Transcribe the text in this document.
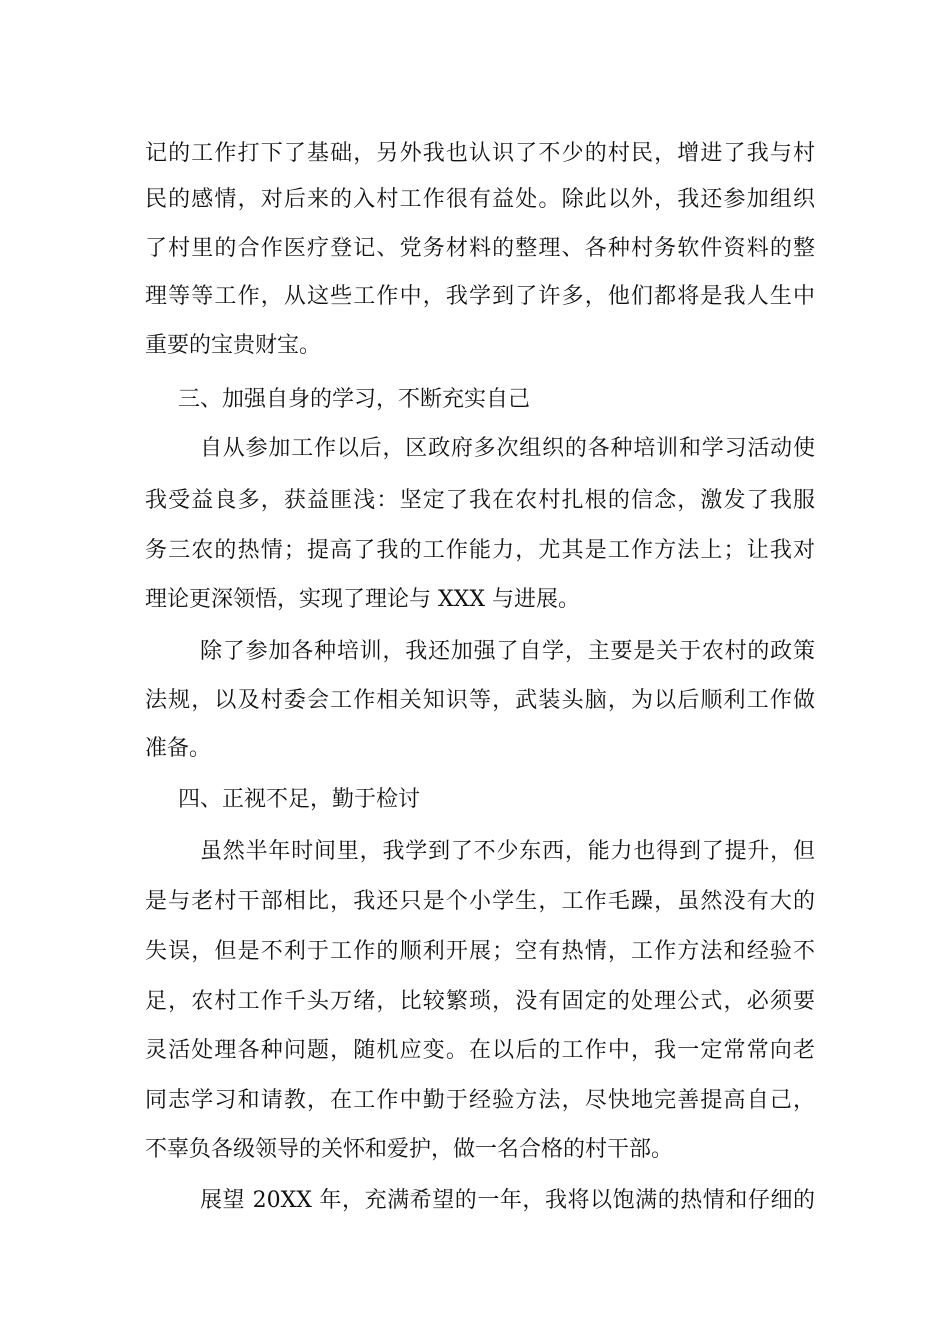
记的工作打下了基础，另外我也认识了不少的村民，增进了我与村
民的感情，对后来的入村工作很有益处。除此以外，我还参加组织
了村里的合作医疗登记、党务材料的整理、各种村务软件资料的整
理等等工作，从这些工作中，我学到了许多，他们都将是我人生中
重要的宝贵财宝。
三、加强自身的学习，不断充实自己
自从参加工作以后，区政府多次组织的各种培训和学习活动使
我受益良多，获益匪浅：坚定了我在农村扎根的信念，激发了我服
务三农的热情；提高了我的工作能力，尤其是工作方法上；让我对
理论更深领悟，实现了理论与 XXX 与进展。
除了参加各种培训，我还加强了自学，主要是关于农村的政策
法规，以及村委会工作相关知识等，武装头脑，为以后顺利工作做
准备。
四、正视不足，勤于检讨
虽然半年时间里，我学到了不少东西，能力也得到了提升，但
是与老村干部相比，我还只是个小学生，工作毛躁，虽然没有大的
失误，但是不利于工作的顺利开展；空有热情，工作方法和经验不
足，农村工作千头万绪，比较繁琐，没有固定的处理公式，必须要
灵活处理各种问题，随机应变。在以后的工作中，我一定常常向老
同志学习和请教，在工作中勤于经验方法，尽快地完善提高自己，
不辜负各级领导的关怀和爱护，做一名合格的村干部。
展望 20XX 年，充满希望的一年，我将以饱满的热情和仔细的
